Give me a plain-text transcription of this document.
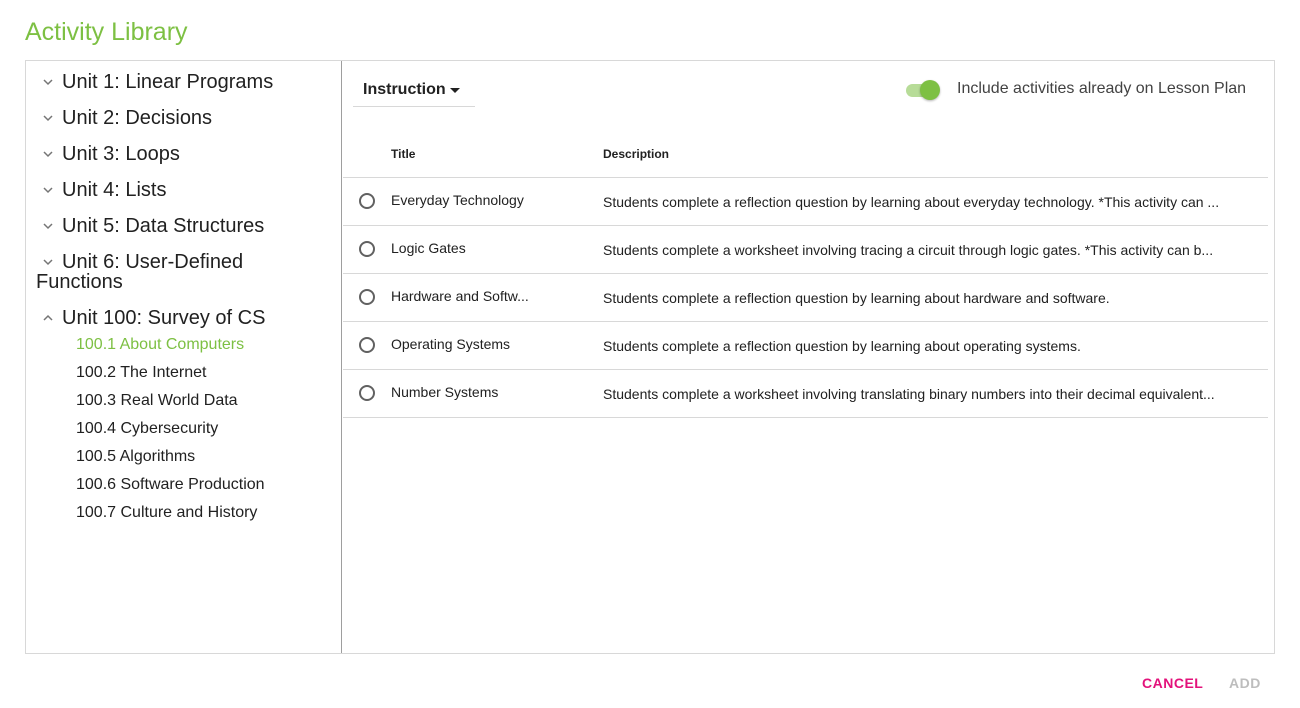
Activity Library
Unit 1: Linear Programs
Unit 2: Decisions
Unit 3: Loops
Unit 4: Lists
Unit 5: Data Structures
Unit 6: User-Defined
Functions
Unit 100: Survey of CS
100.1 About Computers
100.2 The Internet
100.3 Real World Data
100.4 Cybersecurity
100.5 Algorithms
100.6 Software Production
100.7 Culture and History
Instruction	Include activities already on Lesson Plan
Title	Description
Everyday Technology	Students complete a reflection question by learning about everyday technology. *This activity can ...
Logic Gates	Students complete a worksheet involving tracing a circuit through logic gates. *This activity can b...
Hardware and Softw...	Students complete a reflection question by learning about hardware and software.
Operating Systems	Students complete a reflection question by learning about operating systems.
Number Systems	Students complete a worksheet involving translating binary numbers into their decimal equivalent...
CANCEL ADD
